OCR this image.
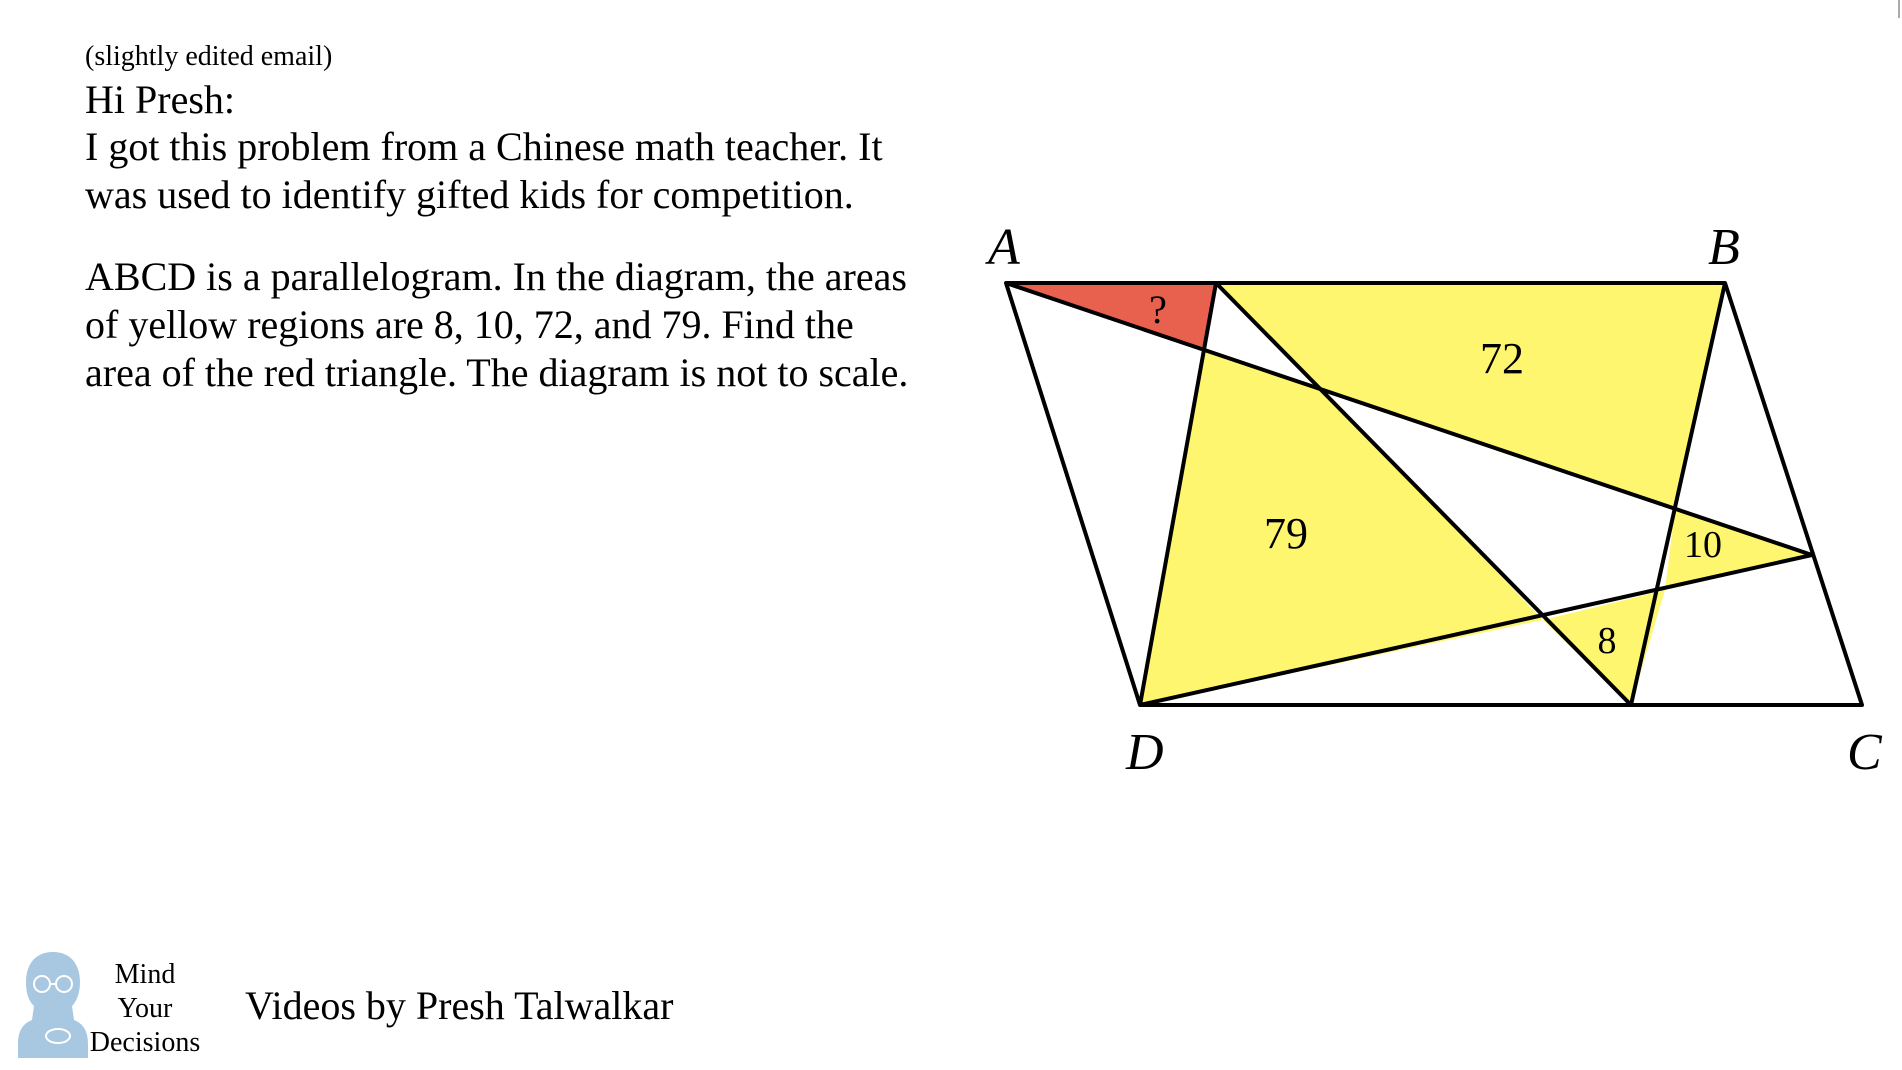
(slightly edited email)
Hi Presh:
I got this problem from a Chinese math teacher. It was used to identify gifted kids for competition.
ABCD is a parallelogram. In the diagram, the areas of yellow regions are 8, 10, 72, and 79. Find the area of the red triangle. The diagram is not to scale.
A	B
C
D
?
72
79	10
8
Mind
Your
Decisions
Videos by Presh Talwalkar
